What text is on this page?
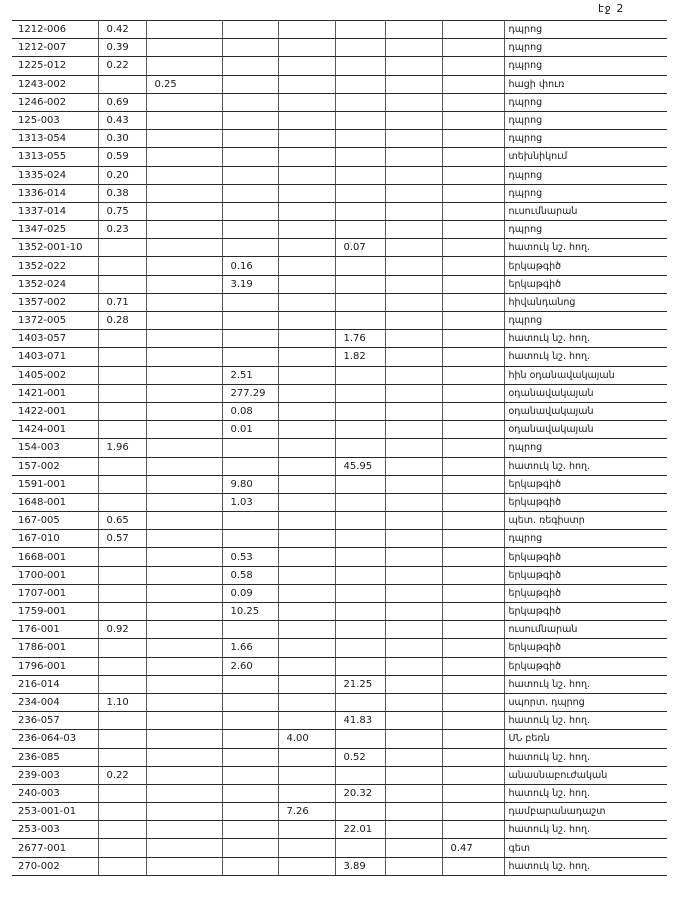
էջ 2
1212-006	0.42							դպրոց
1212-007	0.39							դպրոց
1225-012	0.22							դպրոց
1243-002		0.25						հացի փուռ
1246-002	0.69							դպրոց
125-003	0.43							դպրոց
1313-054	0.30							դպրոց
1313-055	0.59							տեխնիկում
1335-024	0.20							դպրոց
1336-014	0.38							դպրոց
1337-014	0.75							ուսումնարան
1347-025	0.23							դպրոց
1352-001-10					0.07			հատուկ նշ. հող.
1352-022			0.16					երկաթգիծ
1352-024			3.19					երկաթգիծ
1357-002	0.71							հիվանդանոց
1372-005	0.28							դպրոց
1403-057					1.76			հատուկ նշ. հող.
1403-071					1.82			հատուկ նշ. հող.
1405-002			2.51					հին օդանավակայան
1421-001			277.29					օդանավակայան
1422-001			0.08					օդանավակայան
1424-001			0.01					օդանավակայան
154-003	1.96							դպրոց
157-002					45.95			հատուկ նշ. հող.
1591-001			9.80					երկաթգիծ
1648-001			1.03					երկաթգիծ
167-005	0.65							պետ. ռեգիստր
167-010	0.57							դպրոց
1668-001			0.53					երկաթգիծ
1700-001			0.58					երկաթգիծ
1707-001			0.09					երկաթգիծ
1759-001			10.25					երկաթգիծ
176-001	0.92							ուսումնարան
1786-001			1.66					երկաթգիծ
1796-001			2.60					երկաթգիծ
216-014					21.25			հատուկ նշ. հող.
234-004	1.10							սպորտ. դպրոց
236-057					41.83			հատուկ նշ. հող.
236-064-03				4.00				ՍՆ բեռն
236-085					0.52			հատուկ նշ. հող.
239-003	0.22							անասնաբուժական
240-003					20.32			հատուկ նշ. հող.
253-001-01				7.26				դամբարանադաշտ
253-003					22.01			հատուկ նշ. հող.
2677-001							0.47	գետ
270-002					3.89			հատուկ նշ. հող.
